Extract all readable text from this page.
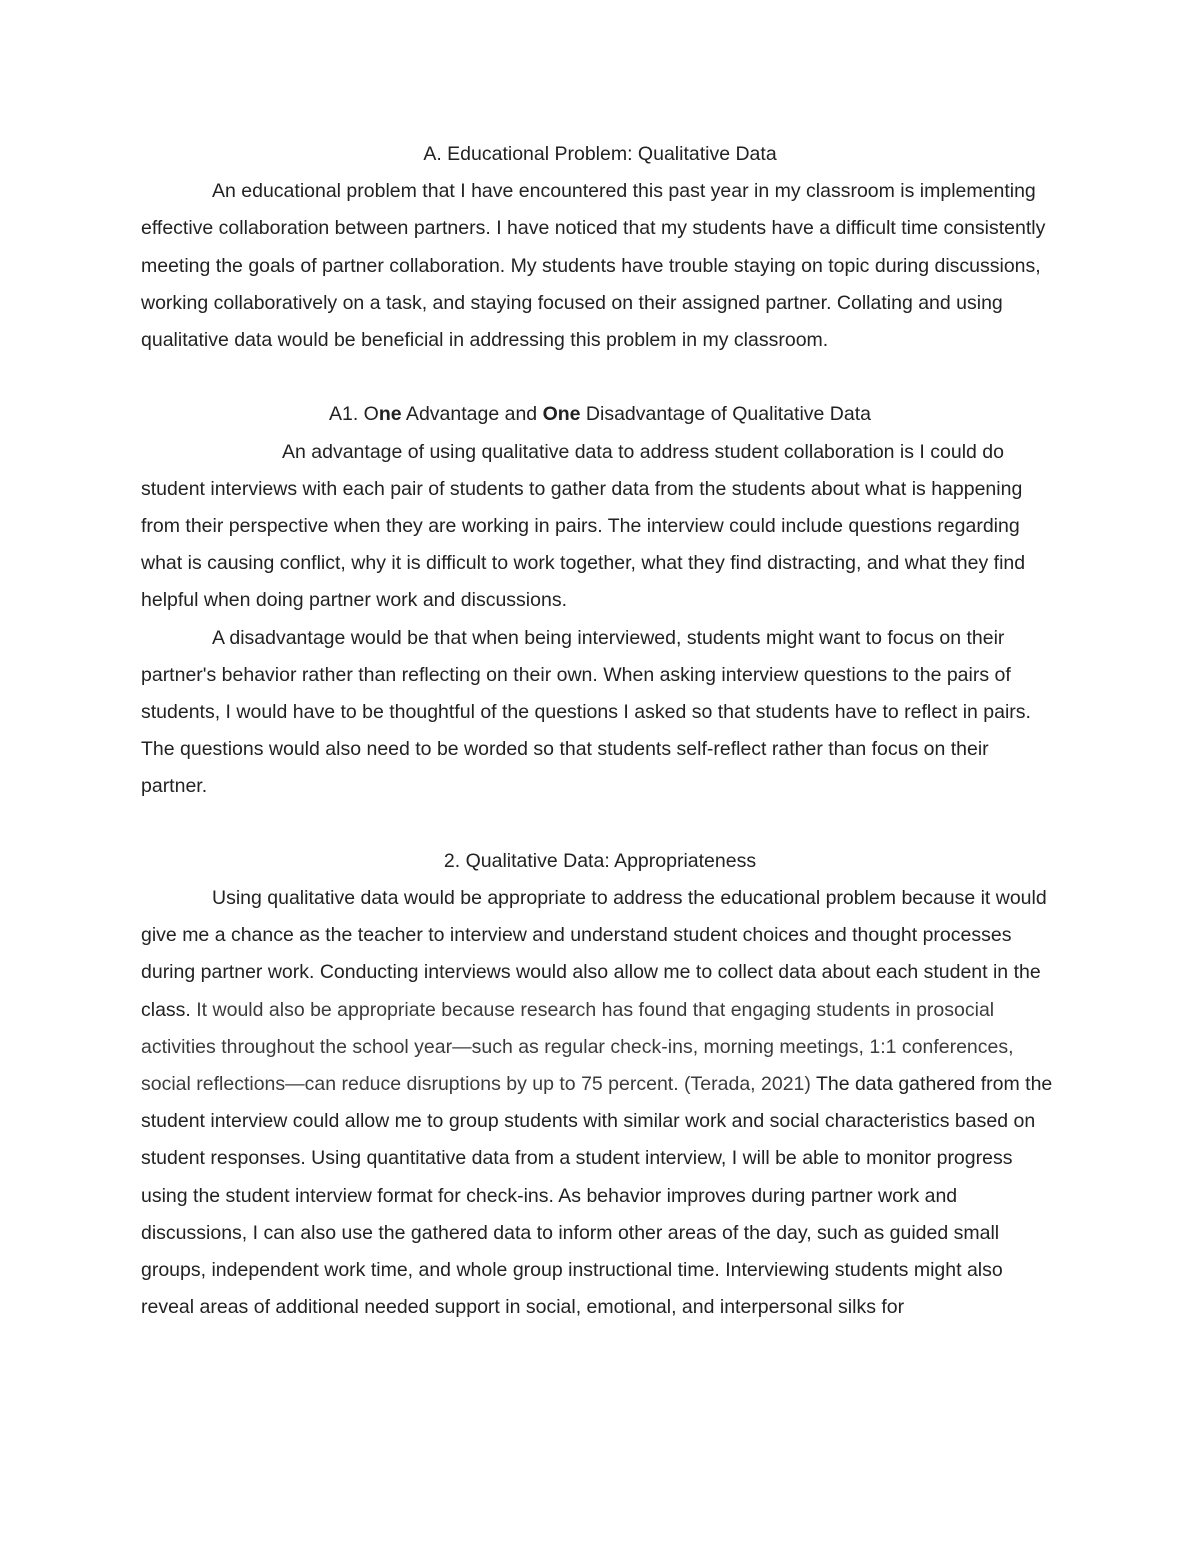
A. Educational Problem: Qualitative Data

An educational problem that I have encountered this past year in my classroom is implementing effective collaboration between partners. I have noticed that my students have a difficult time consistently meeting the goals of partner collaboration. My students have trouble staying on topic during discussions, working collaboratively on a task, and staying focused on their assigned partner. Collating and using qualitative data would be beneficial in addressing this problem in my classroom.

A1. One Advantage and One Disadvantage of Qualitative Data

An advantage of using qualitative data to address student collaboration is I could do student interviews with each pair of students to gather data from the students about what is happening from their perspective when they are working in pairs. The interview could include questions regarding what is causing conflict, why it is difficult to work together, what they find distracting, and what they find helpful when doing partner work and discussions.

A disadvantage would be that when being interviewed, students might want to focus on their partner's behavior rather than reflecting on their own. When asking interview questions to the pairs of students, I would have to be thoughtful of the questions I asked so that students have to reflect in pairs. The questions would also need to be worded so that students self-reflect rather than focus on their partner.

2. Qualitative Data: Appropriateness

Using qualitative data would be appropriate to address the educational problem because it would give me a chance as the teacher to interview and understand student choices and thought processes during partner work. Conducting interviews would also allow me to collect data about each student in the class. It would also be appropriate because research has found that engaging students in prosocial activities throughout the school year—such as regular check-ins, morning meetings, 1:1 conferences, social reflections—can reduce disruptions by up to 75 percent. (Terada, 2021) The data gathered from the student interview could allow me to group students with similar work and social characteristics based on student responses. Using quantitative data from a student interview, I will be able to monitor progress using the student interview format for check-ins. As behavior improves during partner work and discussions, I can also use the gathered data to inform other areas of the day, such as guided small groups, independent work time, and whole group instructional time. Interviewing students might also reveal areas of additional needed support in social, emotional, and interpersonal silks for
